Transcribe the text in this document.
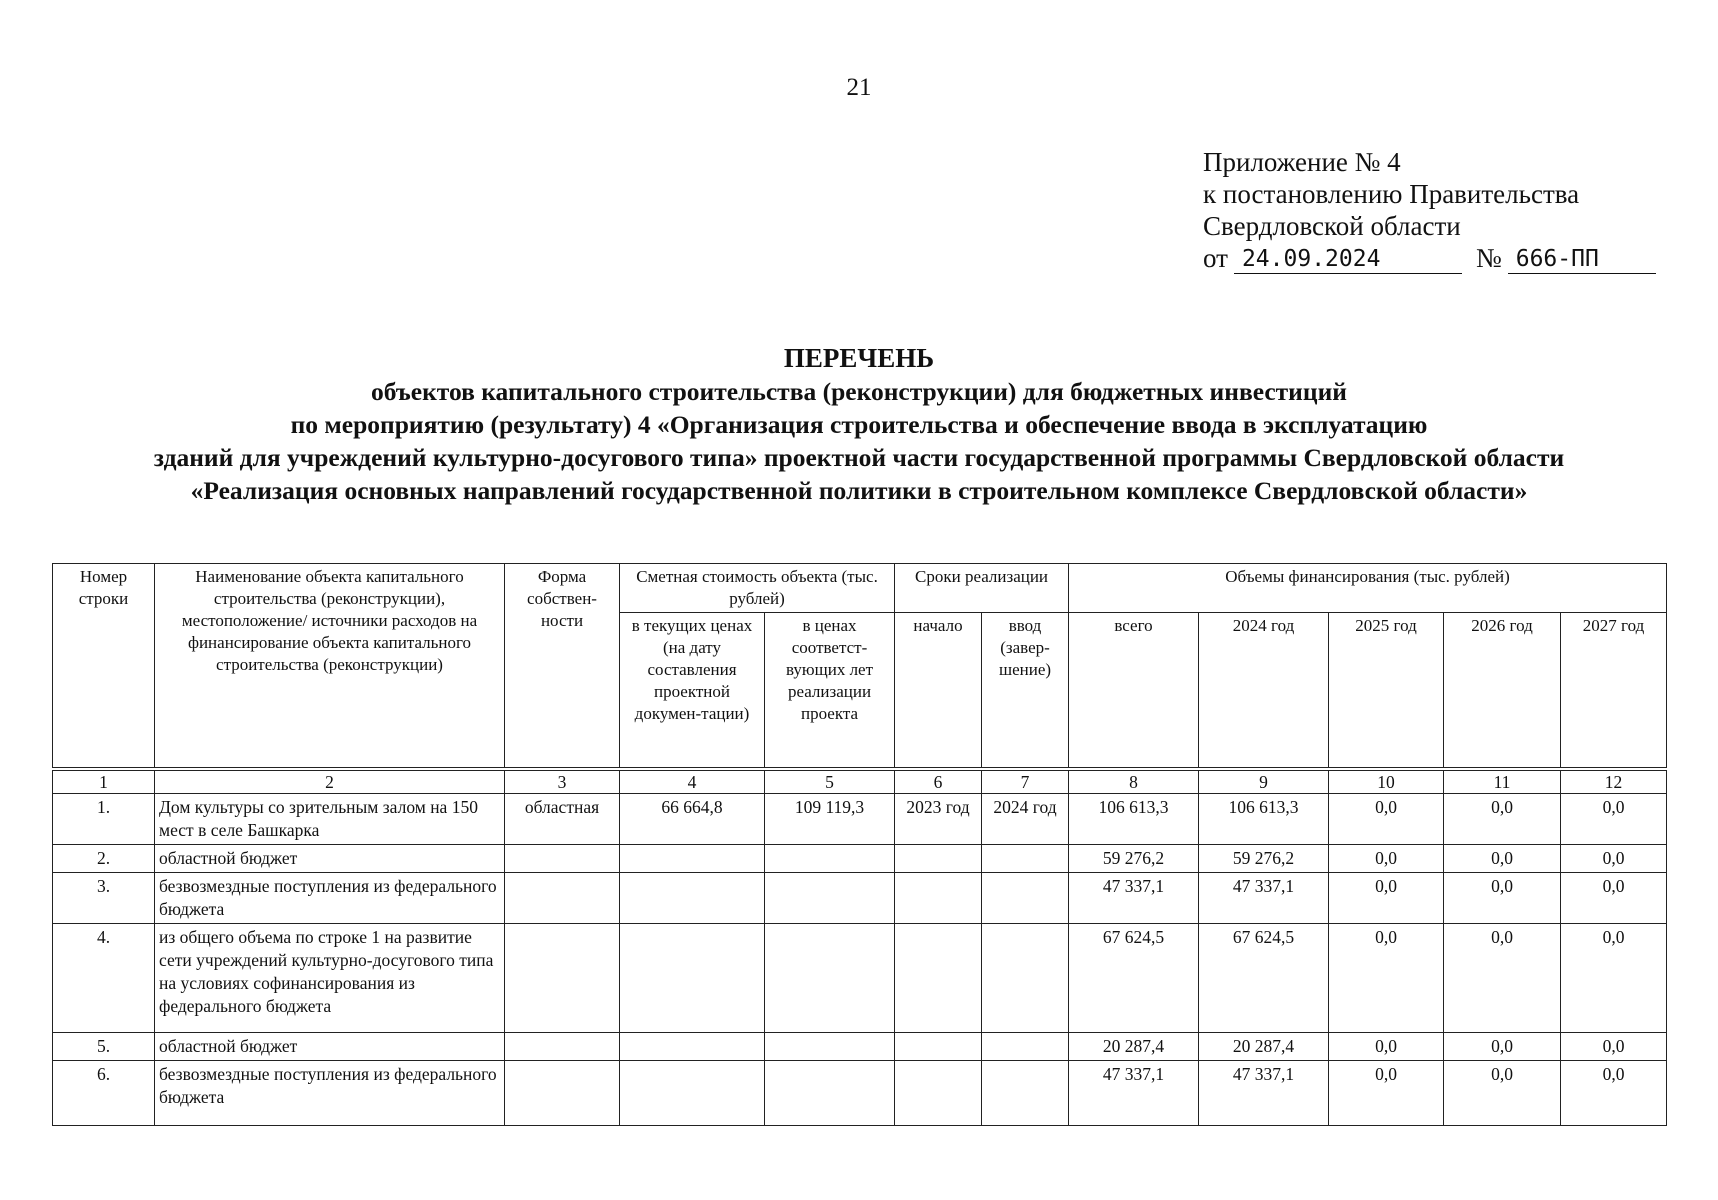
21
Приложение № 4
к постановлению Правительства
Свердловской области
от 24.09.2024	№ 666-ПП
ПЕРЕЧЕНЬ
объектов капитального строительства (реконструкции) для бюджетных инвестиций
по мероприятию (результату) 4 «Организация строительства и обеспечение ввода в эксплуатацию
зданий для учреждений культурно-досугового типа» проектной части государственной программы Свердловской области
«Реализация основных направлений государственной политики в строительном комплексе Свердловской области»
Номер строки	Наименование объекта капитального строительства (реконструкции), местоположение/ источники расходов на финансирование объекта капитального строительства (реконструкции)	Форма собствен-ности	Сметная стоимость объекта (тыс. рублей)		Сроки реализации		Объемы финансирования (тыс. рублей)				
			в текущих ценах (на дату составления проектной докумен-тации)	в ценах соответст-вующих лет реализации проекта	начало	ввод (завер-шение)	всего	2024 год	2025 год	2026 год	2027 год

1	2	3	4	5	6	7	8	9	10	11	12
1.	Дом культуры со зрительным залом на 150 мест в селе Башкарка	областная	66 664,8	109 119,3	2023 год	2024 год	106 613,3	106 613,3	0,0	0,0	0,0
2.	областной бюджет						59 276,2	59 276,2	0,0	0,0	0,0
3.	безвозмездные поступления из федерального бюджета						47 337,1	47 337,1	0,0	0,0	0,0
4.	из общего объема по строке 1 на развитие сети учреждений культурно-досугового типа на условиях софинансирования из федерального бюджета						67 624,5	67 624,5	0,0	0,0	0,0
5.	областной бюджет						20 287,4	20 287,4	0,0	0,0	0,0
6.	безвозмездные поступления из федерального бюджета						47 337,1	47 337,1	0,0	0,0	0,0
